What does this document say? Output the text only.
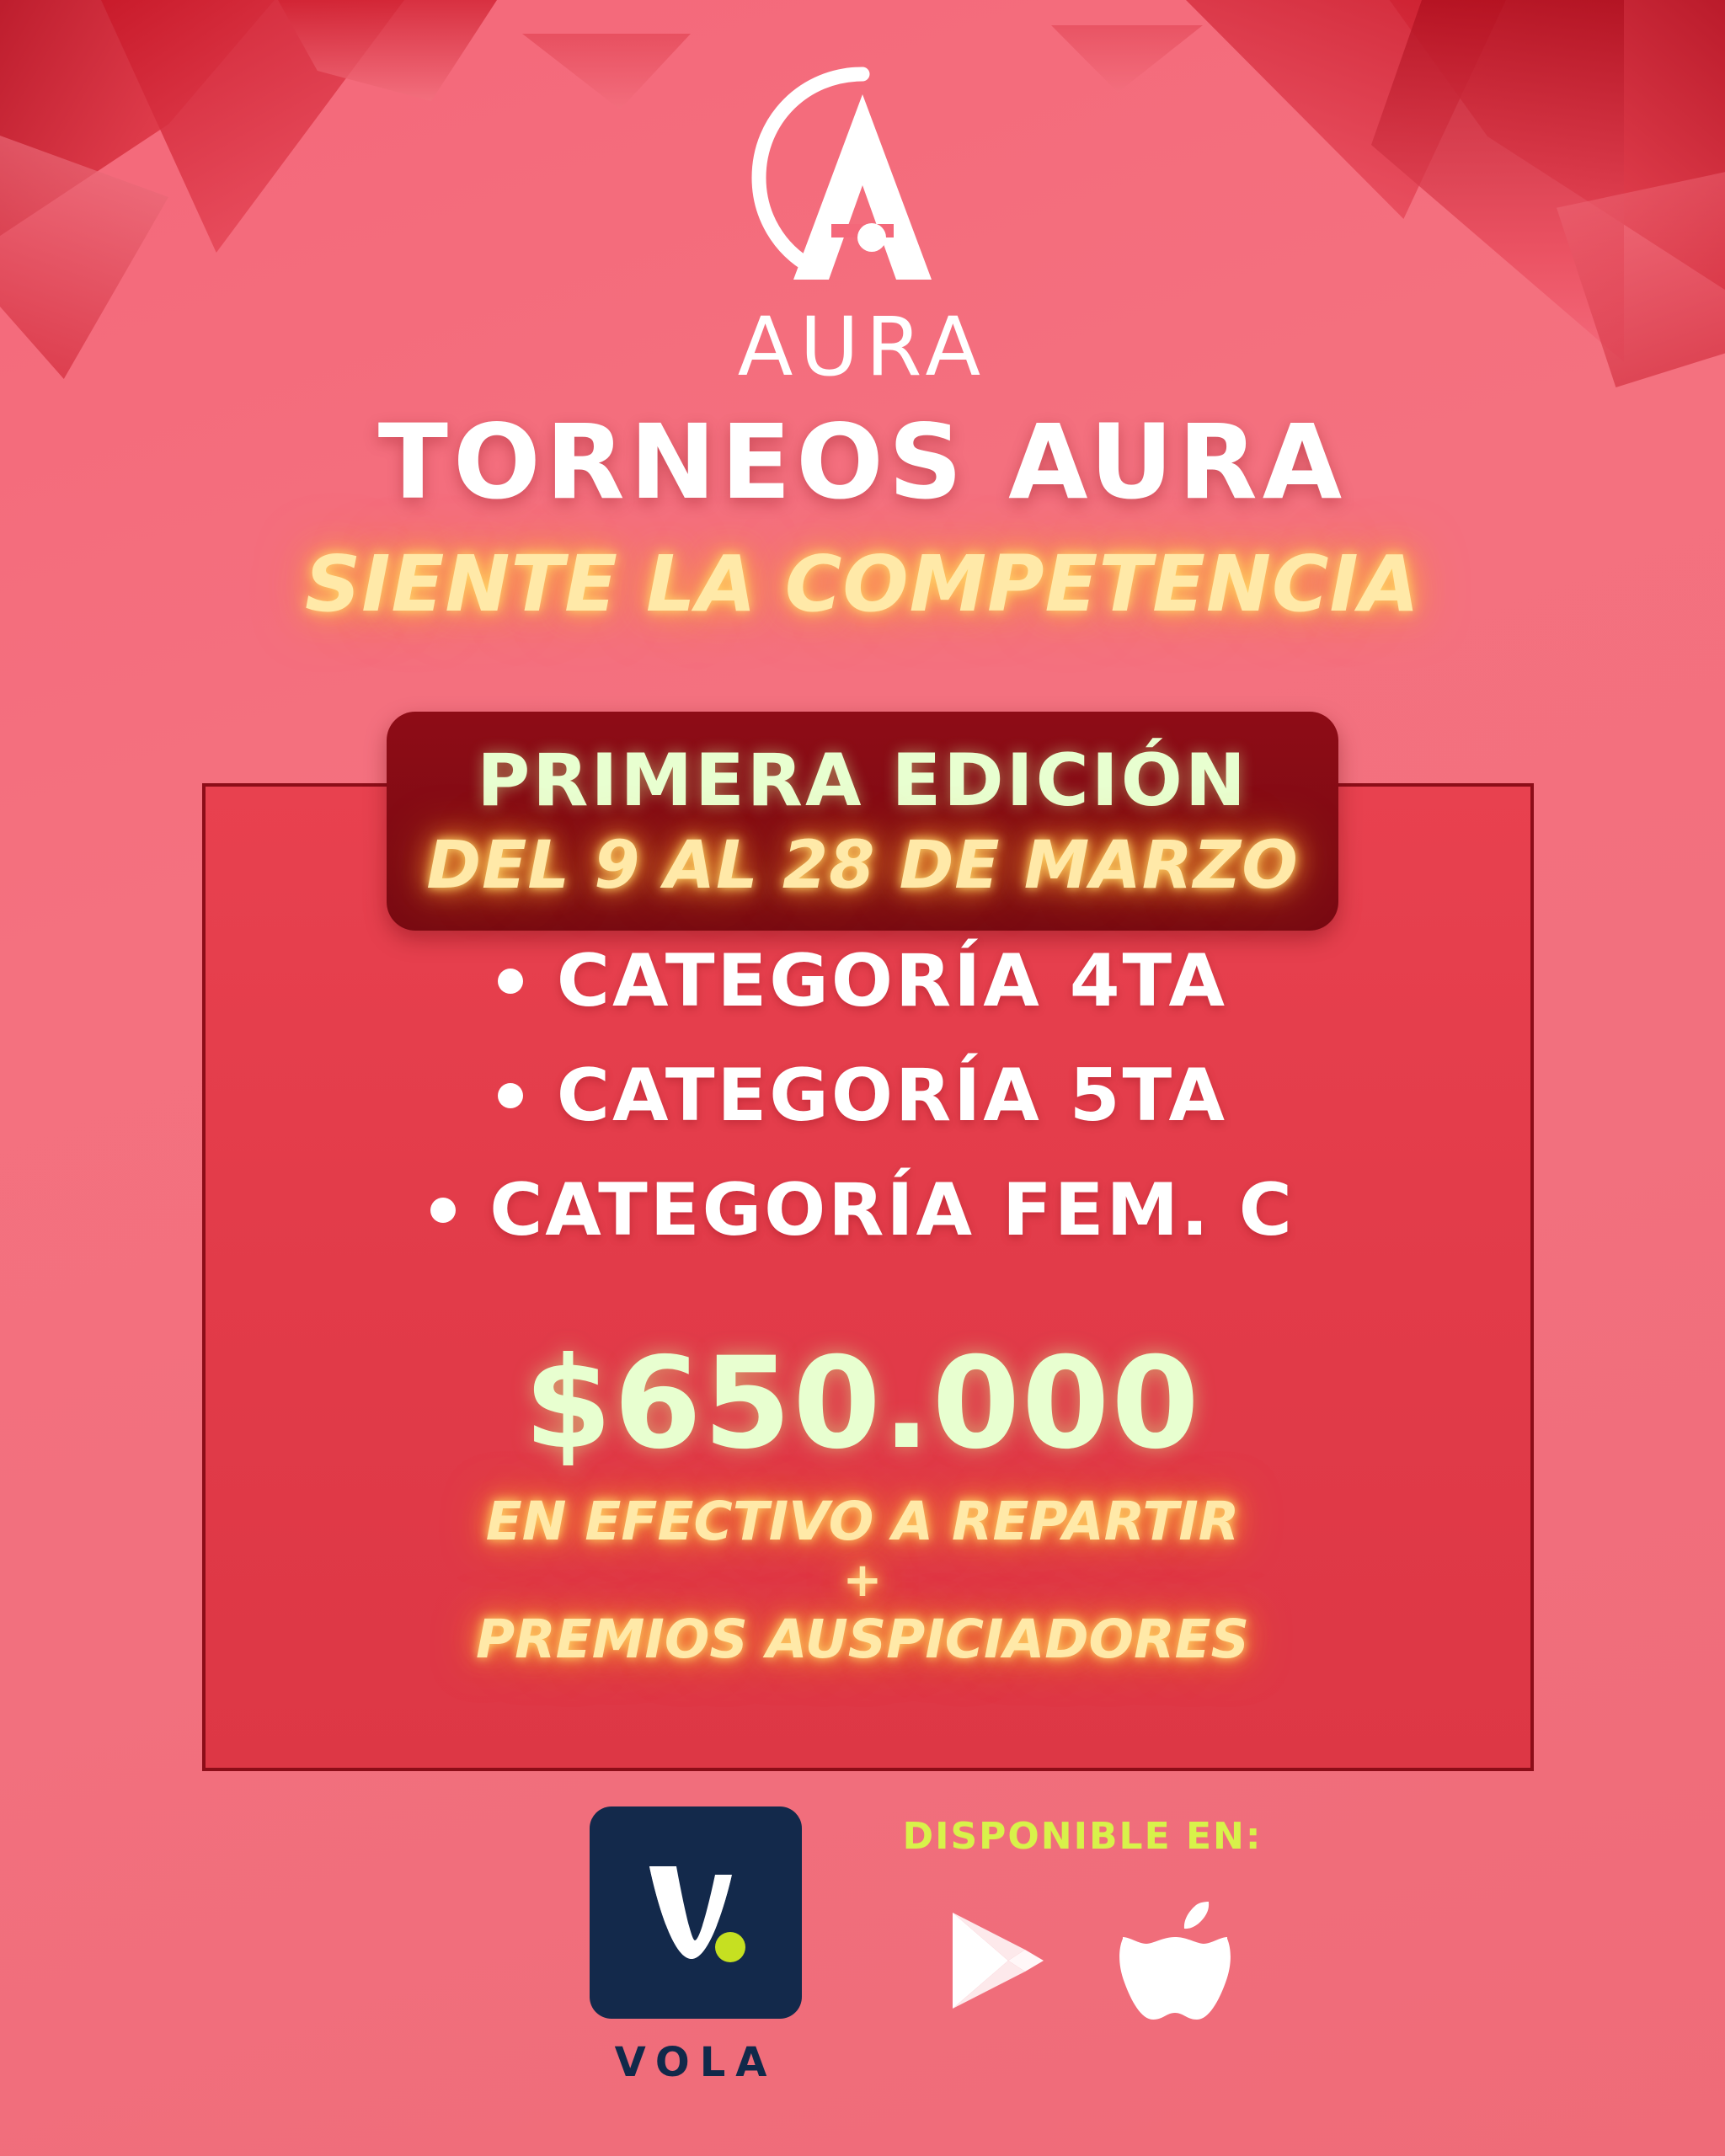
AURA
TORNEOS AURA
SIENTE LA COMPETENCIA
PRIMERA EDICIÓN
DEL 9 AL 28 DE MARZO
CATEGORÍA 4TA
CATEGORÍA 5TA
CATEGORÍA FEM. C
$650.000
EN EFECTIVO A REPARTIR
+
PREMIOS AUSPICIADORES
VOLA
DISPONIBLE EN:
